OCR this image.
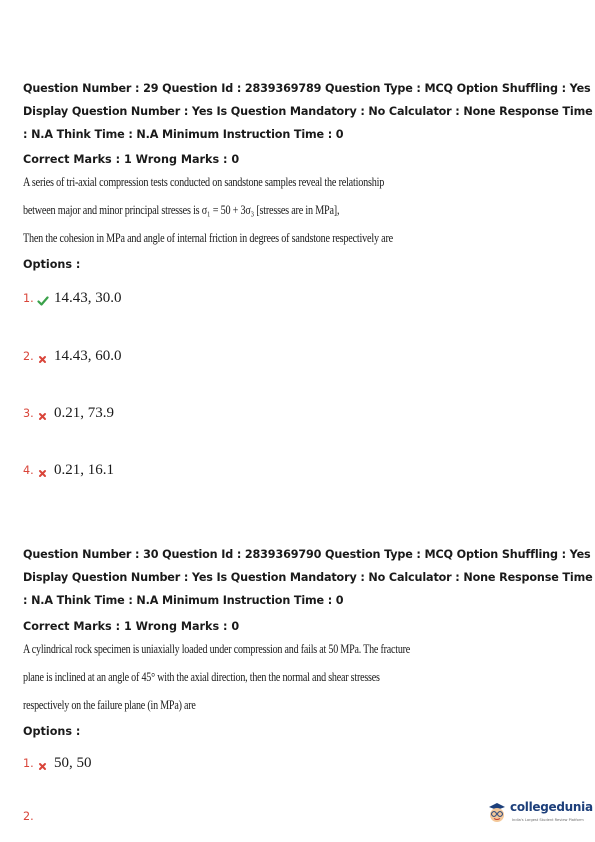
Question Number : 29 Question Id : 2839369789 Question Type : MCQ Option Shuffling : Yes
Display Question Number : Yes Is Question Mandatory : No Calculator : None Response Time
: N.A Think Time : N.A Minimum Instruction Time : 0
Correct Marks : 1 Wrong Marks : 0
A series of tri-axial compression tests conducted on sandstone samples reveal the relationship
between major and minor principal stresses is σ₁ = 50 + 3σ₃ [stresses are in MPa],
Then the cohesion in MPa and angle of internal friction in degrees of sandstone respectively are
Options :
1. 14.43, 30.0
2. 14.43, 60.0
3. 0.21, 73.9
4. 0.21, 16.1
Question Number : 30 Question Id : 2839369790 Question Type : MCQ Option Shuffling : Yes
Display Question Number : Yes Is Question Mandatory : No Calculator : None Response Time
: N.A Think Time : N.A Minimum Instruction Time : 0
Correct Marks : 1 Wrong Marks : 0
A cylindrical rock specimen is uniaxially loaded under compression and fails at 50 MPa. The fracture
plane is inclined at an angle of 45° with the axial direction, then the normal and shear stresses
respectively on the failure plane (in MPa) are
Options :
1. 50, 50
2.
collegedunia
India's Largest Student Review Platform
